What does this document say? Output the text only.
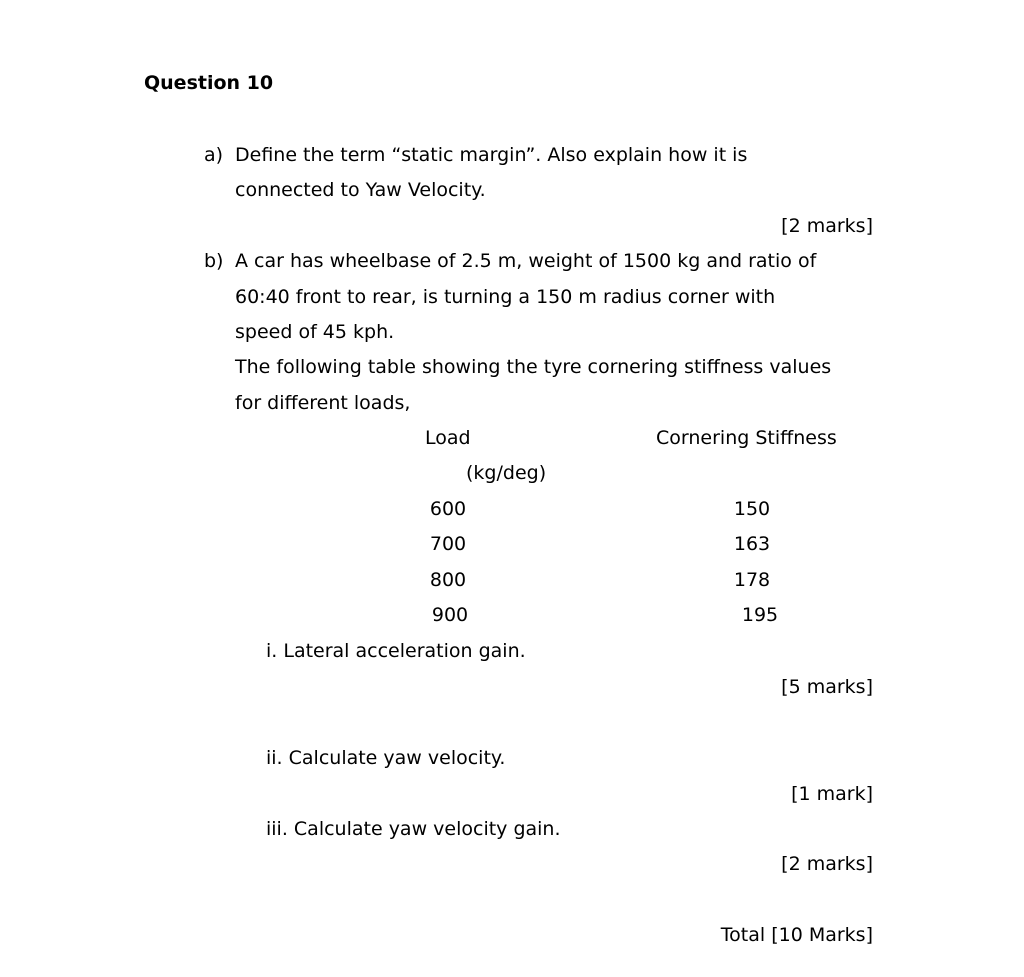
Question 10
a) Define the term “static margin”. Also explain how it is
connected to Yaw Velocity.
[2 marks]
b) A car has wheelbase of 2.5 m, weight of 1500 kg and ratio of
60:40 front to rear, is turning a 150 m radius corner with
speed of 45 kph.
The following table showing the tyre cornering stiffness values
for different loads,
Load	Cornering Stiffness
(kg/deg)
600	150
700	163
800	178
900	195
i. Lateral acceleration gain.
[5 marks]
ii. Calculate yaw velocity.
[1 mark]
iii. Calculate yaw velocity gain.
[2 marks]
Total [10 Marks]
